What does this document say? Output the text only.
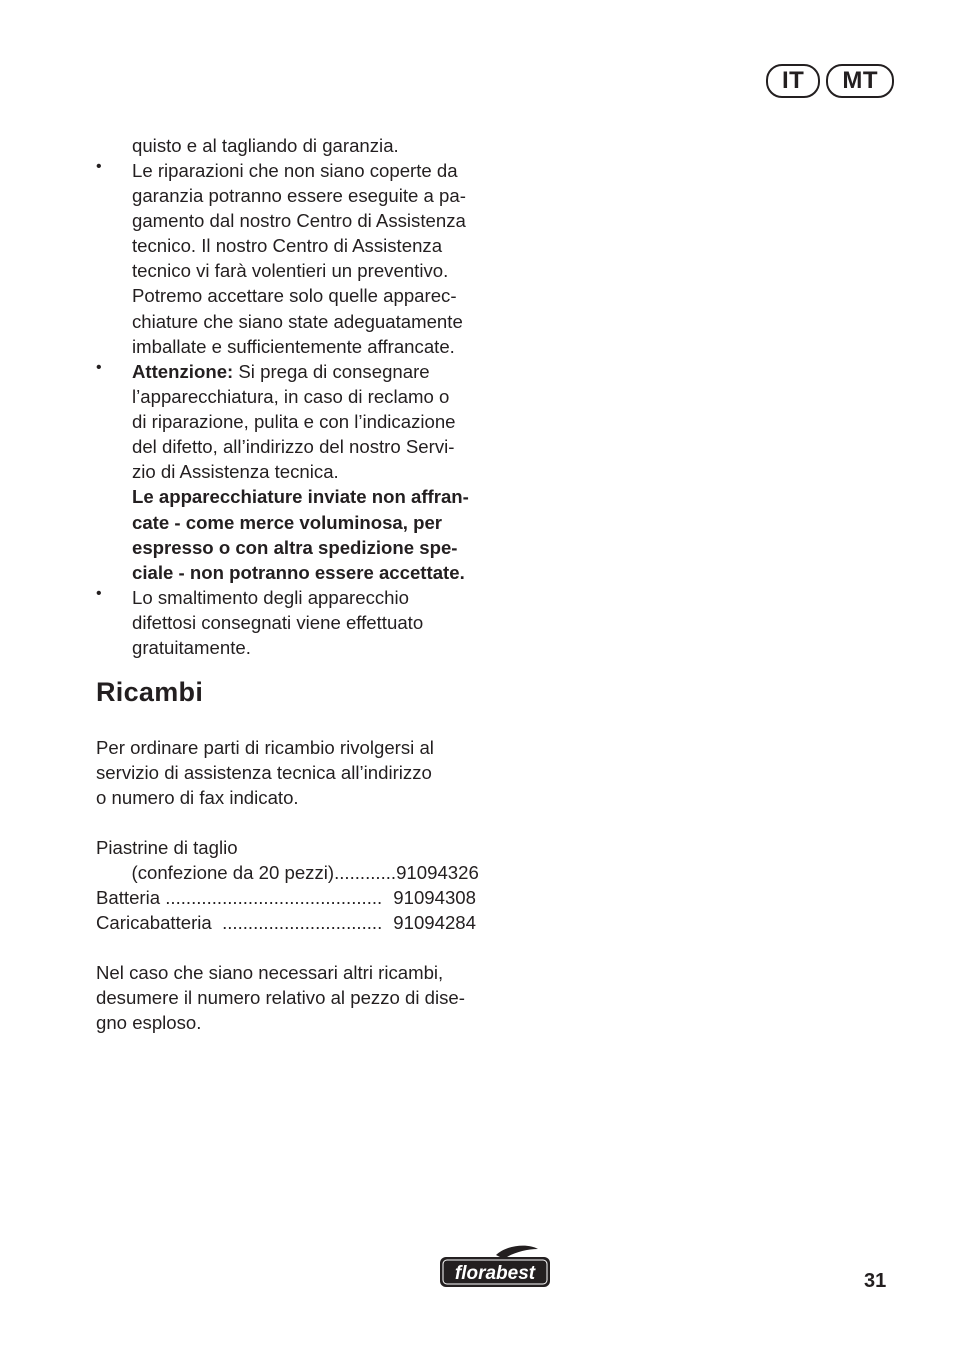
IT	MT
quisto e al tagliando di garanzia.
• Le riparazioni che non siano coperte da
garanzia potranno essere eseguite a pa-
gamento dal nostro Centro di Assistenza
tecnico. Il nostro Centro di Assistenza
tecnico vi farà volentieri un preventivo.
Potremo accettare solo quelle apparec-
chiature che siano state adeguatamente
imballate e sufficientemente affrancate.
• Attenzione: Si prega di consegnare
l’apparecchiatura, in caso di reclamo o
di riparazione, pulita e con l’indicazione
del difetto, all’indirizzo del nostro Servi-
zio di Assistenza tecnica.
Le apparecchiature inviate non affran-
cate - come merce voluminosa, per
espresso o con altra spedizione spe-
ciale - non potranno essere accettate.
• Lo smaltimento degli apparecchio
difettosi consegnati viene effettuato
gratuitamente.
Ricambi
Per ordinare parti di ricambio rivolgersi al
servizio di assistenza tecnica all’indirizzo
o numero di fax indicato.
Piastrine di taglio
(confezione da 20 pezzi) ............ 91094326
Batteria .......................................... 91094308
Caricabatteria ............................... 91094284
Nel caso che siano necessari altri ricambi,
desumere il numero relativo al pezzo di dise-
gno esploso.
florabest	31
